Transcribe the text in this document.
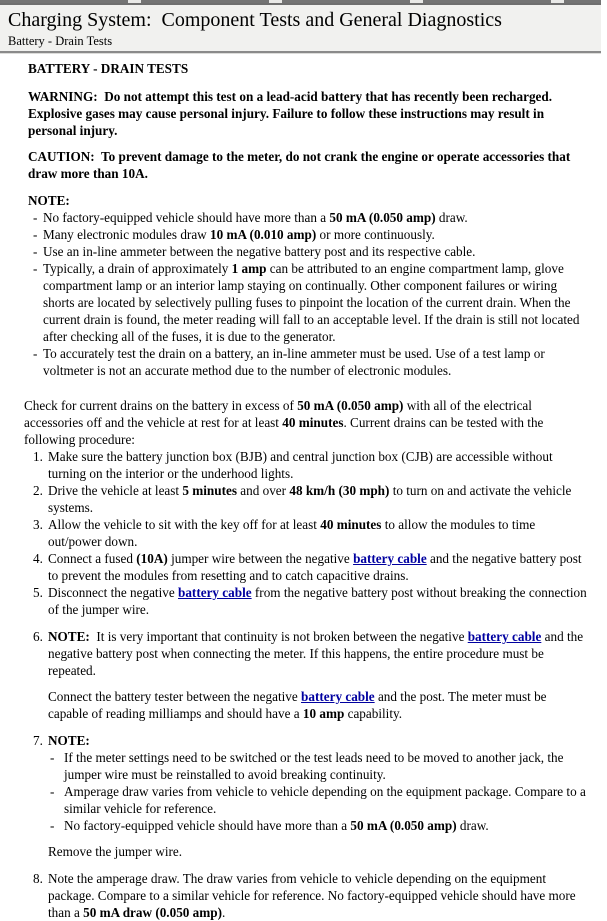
Charging System:  Component Tests and General Diagnostics
Battery - Drain Tests
BATTERY - DRAIN TESTS
WARNING:  Do not attempt this test on a lead-acid battery that has recently been recharged. Explosive gases may cause personal injury. Failure to follow these instructions may result in personal injury.
CAUTION:  To prevent damage to the meter, do not crank the engine or operate accessories that draw more than 10A.
NOTE:
- No factory-equipped vehicle should have more than a 50 mA (0.050 amp) draw.
- Many electronic modules draw 10 mA (0.010 amp) or more continuously.
- Use an in-line ammeter between the negative battery post and its respective cable.
- Typically, a drain of approximately 1 amp can be attributed to an engine compartment lamp, glove compartment lamp or an interior lamp staying on continually. Other component failures or wiring shorts are located by selectively pulling fuses to pinpoint the location of the current drain. When the current drain is found, the meter reading will fall to an acceptable level. If the drain is still not located after checking all of the fuses, it is due to the generator.
- To accurately test the drain on a battery, an in-line ammeter must be used. Use of a test lamp or voltmeter is not an accurate method due to the number of electronic modules.
Check for current drains on the battery in excess of 50 mA (0.050 amp) with all of the electrical accessories off and the vehicle at rest for at least 40 minutes. Current drains can be tested with the following procedure:
1. Make sure the battery junction box (BJB) and central junction box (CJB) are accessible without turning on the interior or the underhood lights.
2. Drive the vehicle at least 5 minutes and over 48 km/h (30 mph) to turn on and activate the vehicle systems.
3. Allow the vehicle to sit with the key off for at least 40 minutes to allow the modules to time out/power down.
4. Connect a fused (10A) jumper wire between the negative battery cable and the negative battery post to prevent the modules from resetting and to catch capacitive drains.
5. Disconnect the negative battery cable from the negative battery post without breaking the connection of the jumper wire.
6. NOTE:  It is very important that continuity is not broken between the negative battery cable and the negative battery post when connecting the meter. If this happens, the entire procedure must be repeated.
Connect the battery tester between the negative battery cable and the post. The meter must be capable of reading milliamps and should have a 10 amp capability.
7. NOTE:
- If the meter settings need to be switched or the test leads need to be moved to another jack, the jumper wire must be reinstalled to avoid breaking continuity.
- Amperage draw varies from vehicle to vehicle depending on the equipment package. Compare to a similar vehicle for reference.
- No factory-equipped vehicle should have more than a 50 mA (0.050 amp) draw.
Remove the jumper wire.
8. Note the amperage draw. The draw varies from vehicle to vehicle depending on the equipment package. Compare to a similar vehicle for reference. No factory-equipped vehicle should have more than a 50 mA draw (0.050 amp).
